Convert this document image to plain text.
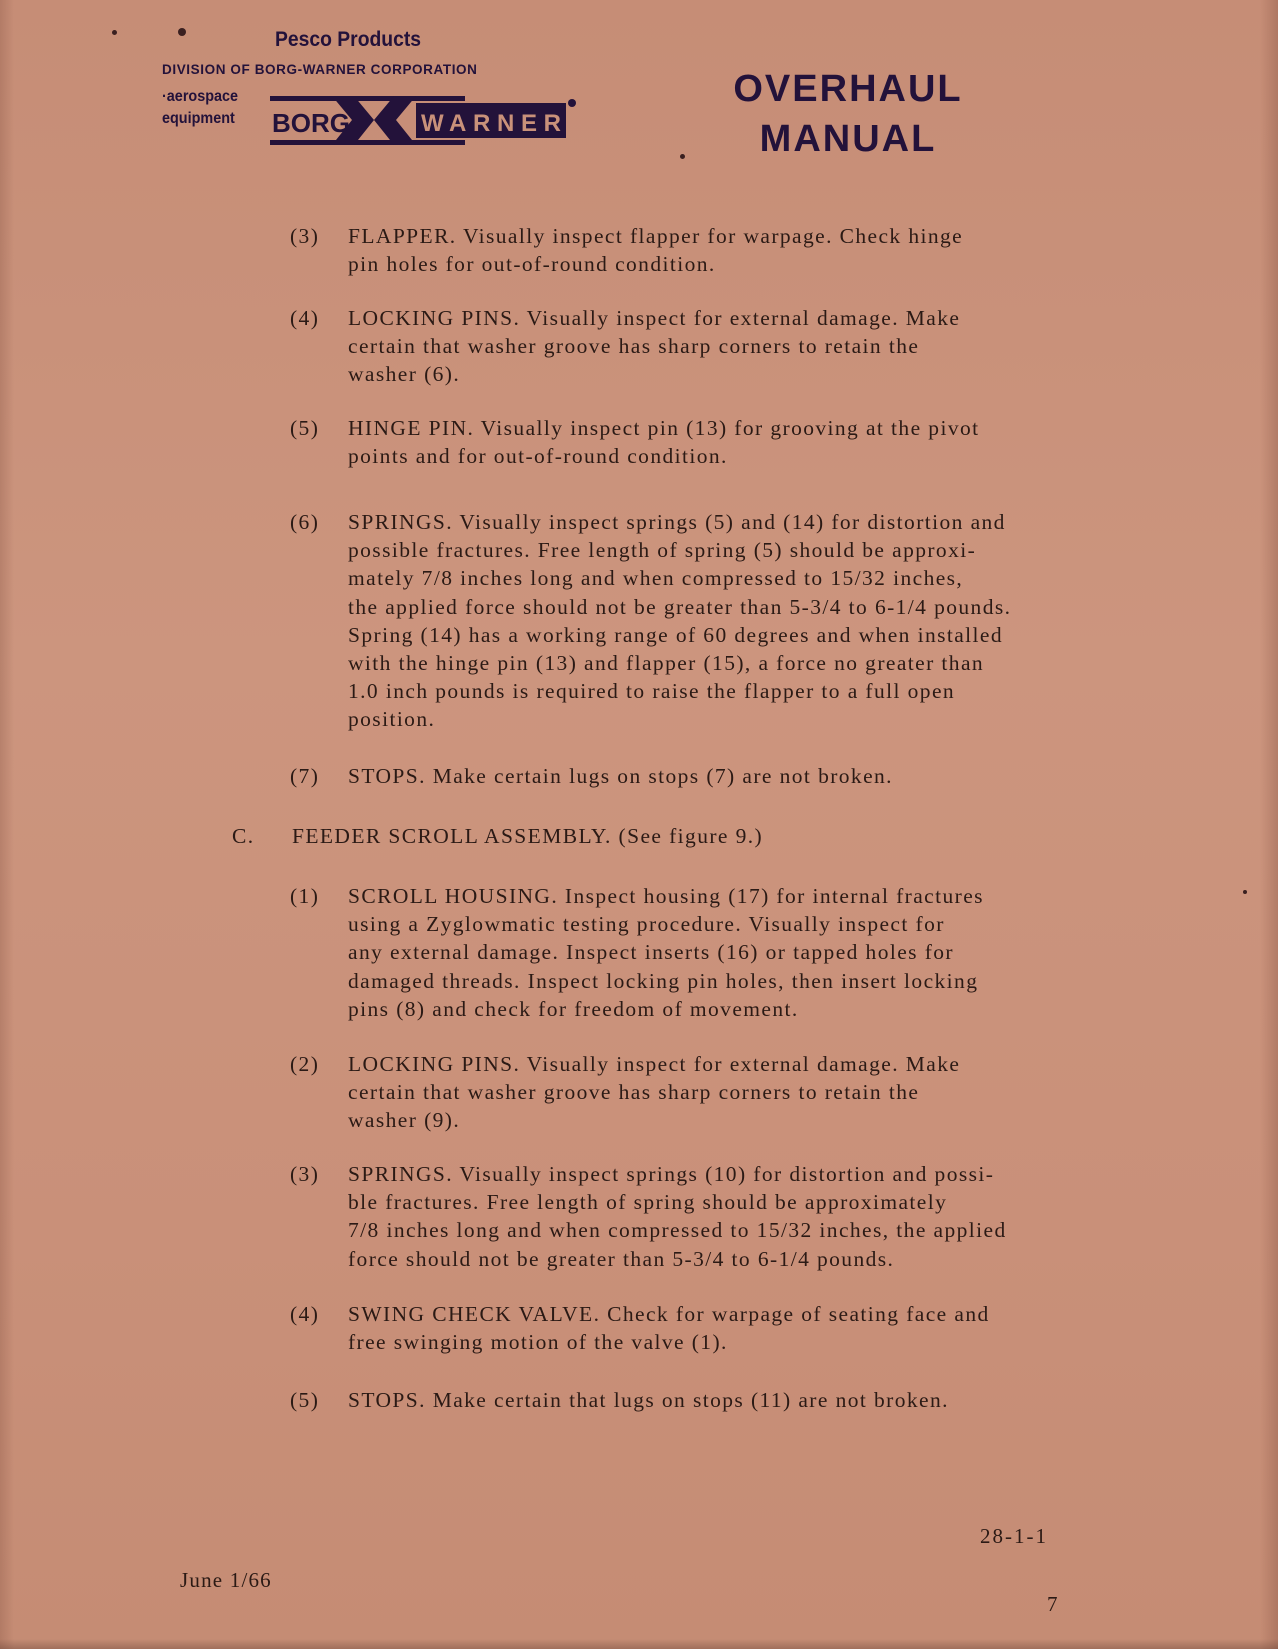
Pesco Products
DIVISION OF BORG-WARNER CORPORATION
·aerospace
equipment BORG	WARNER
OVERHAUL
MANUAL
(3) FLAPPER. Visually inspect flapper for warpage. Check hinge
pin holes for out-of-round condition.
(4) LOCKING PINS. Visually inspect for external damage. Make
certain that washer groove has sharp corners to retain the
washer (6).
(5) HINGE PIN. Visually inspect pin (13) for grooving at the pivot
points and for out-of-round condition.
(6) SPRINGS. Visually inspect springs (5) and (14) for distortion and
possible fractures. Free length of spring (5) should be approxi-
mately 7/8 inches long and when compressed to 15/32 inches,
the applied force should not be greater than 5-3/4 to 6-1/4 pounds.
Spring (14) has a working range of 60 degrees and when installed
with the hinge pin (13) and flapper (15), a force no greater than
1.0 inch pounds is required to raise the flapper to a full open
position.
(7) STOPS. Make certain lugs on stops (7) are not broken.
C. FEEDER SCROLL ASSEMBLY. (See figure 9.)
(1) SCROLL HOUSING. Inspect housing (17) for internal fractures
using a Zyglowmatic testing procedure. Visually inspect for
any external damage. Inspect inserts (16) or tapped holes for
damaged threads. Inspect locking pin holes, then insert locking
pins (8) and check for freedom of movement.
(2) LOCKING PINS. Visually inspect for external damage. Make
certain that washer groove has sharp corners to retain the
washer (9).
(3) SPRINGS. Visually inspect springs (10) for distortion and possi-
ble fractures. Free length of spring should be approximately
7/8 inches long and when compressed to 15/32 inches, the applied
force should not be greater than 5-3/4 to 6-1/4 pounds.
(4) SWING CHECK VALVE. Check for warpage of seating face and
free swinging motion of the valve (1).
(5) STOPS. Make certain that lugs on stops (11) are not broken.
28-1-1
June 1/66
7
